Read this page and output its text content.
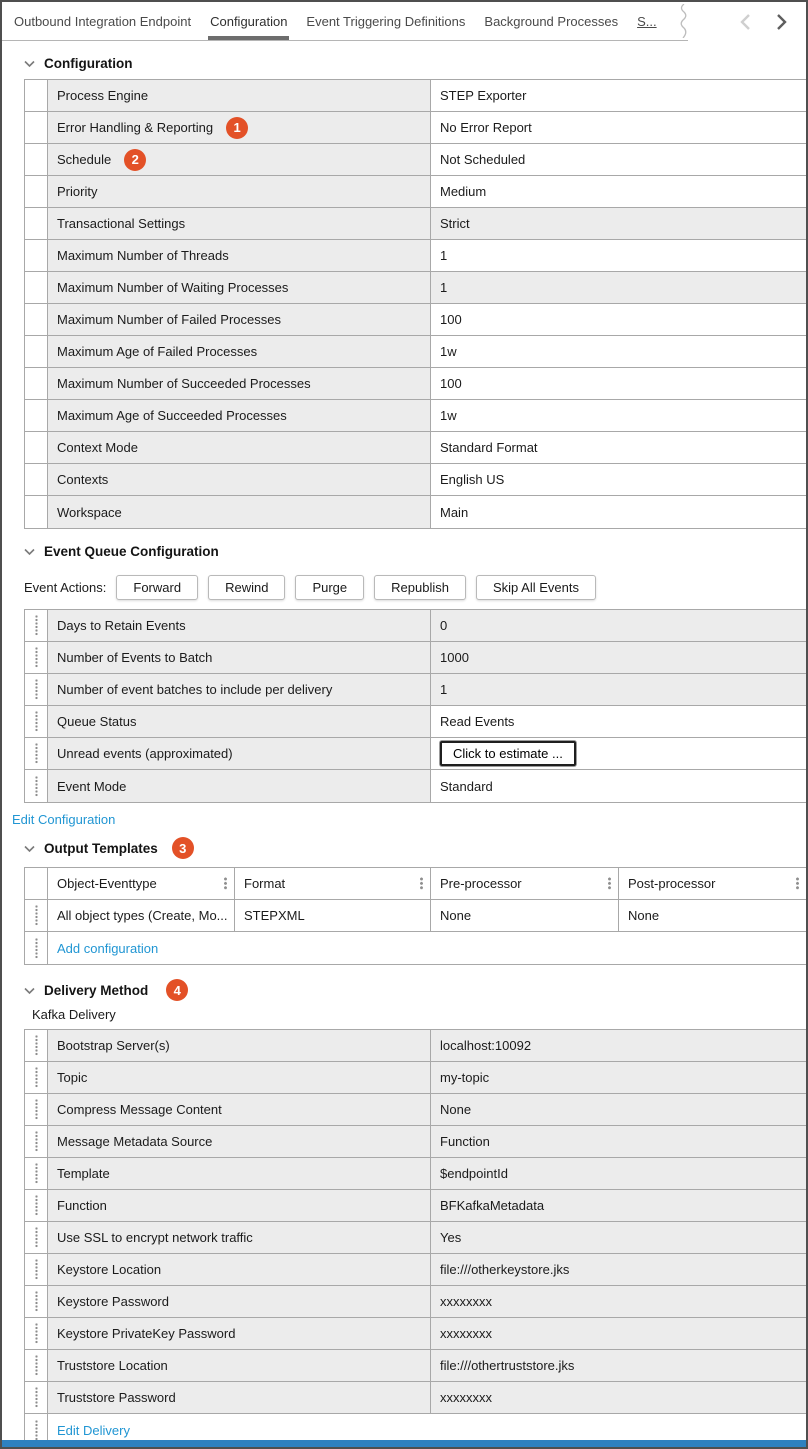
Outbound Integration Endpoint Configuration Event Triggering Definitions Background Processes S...
Configuration
Process Engine	STEP Exporter
Error Handling & Reporting	1	No Error Report
Schedule	2	Not Scheduled
Priority	Medium
Transactional Settings	Strict
Maximum Number of Threads	1
Maximum Number of Waiting Processes	1
Maximum Number of Failed Processes	100
Maximum Age of Failed Processes	1w
Maximum Number of Succeeded Processes	100
Maximum Age of Succeeded Processes	1w
Context Mode	Standard Format
Contexts	English US
Workspace	Main
Event Queue Configuration
Event Actions:	Forward	Rewind	Purge	Republish	Skip All Events
Days to Retain Events	0
Number of Events to Batch	1000
Number of event batches to include per delivery	1
Queue Status	Read Events
Unread events (approximated)	Click to estimate ...
Event Mode	Standard
Edit Configuration
Output Templates	3
Object-Eventtype	Format	Pre-processor	Post-processor
All object types (Create, Mo...	STEPXML	None	None
Add configuration
Delivery Method	4
Kafka Delivery
Bootstrap Server(s)	localhost:10092
Topic	my-topic
Compress Message Content	None
Message Metadata Source	Function
Template	$endpointId
Function	BFKafkaMetadata
Use SSL to encrypt network traffic	Yes
Keystore Location	file:///otherkeystore.jks
Keystore Password	xxxxxxxx
Keystore PrivateKey Password	xxxxxxxx
Truststore Location	file:///othertruststore.jks
Truststore Password	xxxxxxxx
Edit Delivery
